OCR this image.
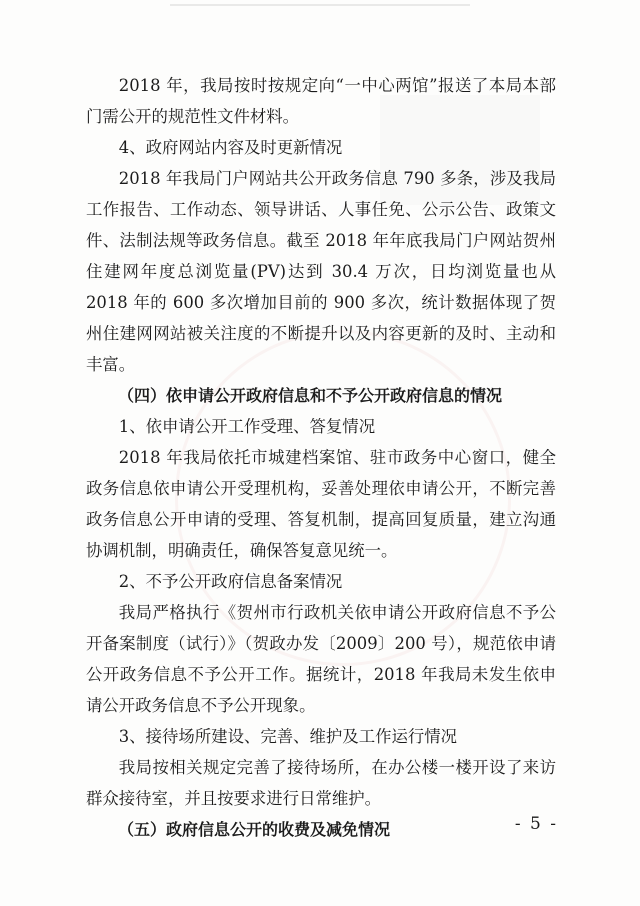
2018 年，我局按时按规定向“一中心两馆”报送了本局本部门需公开的规范性文件材料。

4、政府网站内容及时更新情况

2018 年我局门户网站共公开政务信息 790 多条，涉及我局工作报告、工作动态、领导讲话、人事任免、公示公告、政策文件、法制法规等政务信息。截至 2018 年年底我局门户网站贺州住建网年度总浏览量(PV)达到 30.4 万次，日均浏览量也从 2018 年的 600 多次增加目前的 900 多次，统计数据体现了贺州住建网网站被关注度的不断提升以及内容更新的及时、主动和丰富。

（四）依申请公开政府信息和不予公开政府信息的情况

1、依申请公开工作受理、答复情况

2018 年我局依托市城建档案馆、驻市政务中心窗口，健全政务信息依申请公开受理机构，妥善处理依申请公开，不断完善政务信息公开申请的受理、答复机制，提高回复质量，建立沟通协调机制，明确责任，确保答复意见统一。

2、不予公开政府信息备案情况

我局严格执行《贺州市行政机关依申请公开政府信息不予公开备案制度（试行）》（贺政办发〔2009〕200 号），规范依申请公开政务信息不予公开工作。据统计，2018 年我局未发生依申请公开政务信息不予公开现象。

3、接待场所建设、完善、维护及工作运行情况

我局按相关规定完善了接待场所，在办公楼一楼开设了来访群众接待室，并且按要求进行日常维护。

（五）政府信息公开的收费及减免情况	- 5 -
